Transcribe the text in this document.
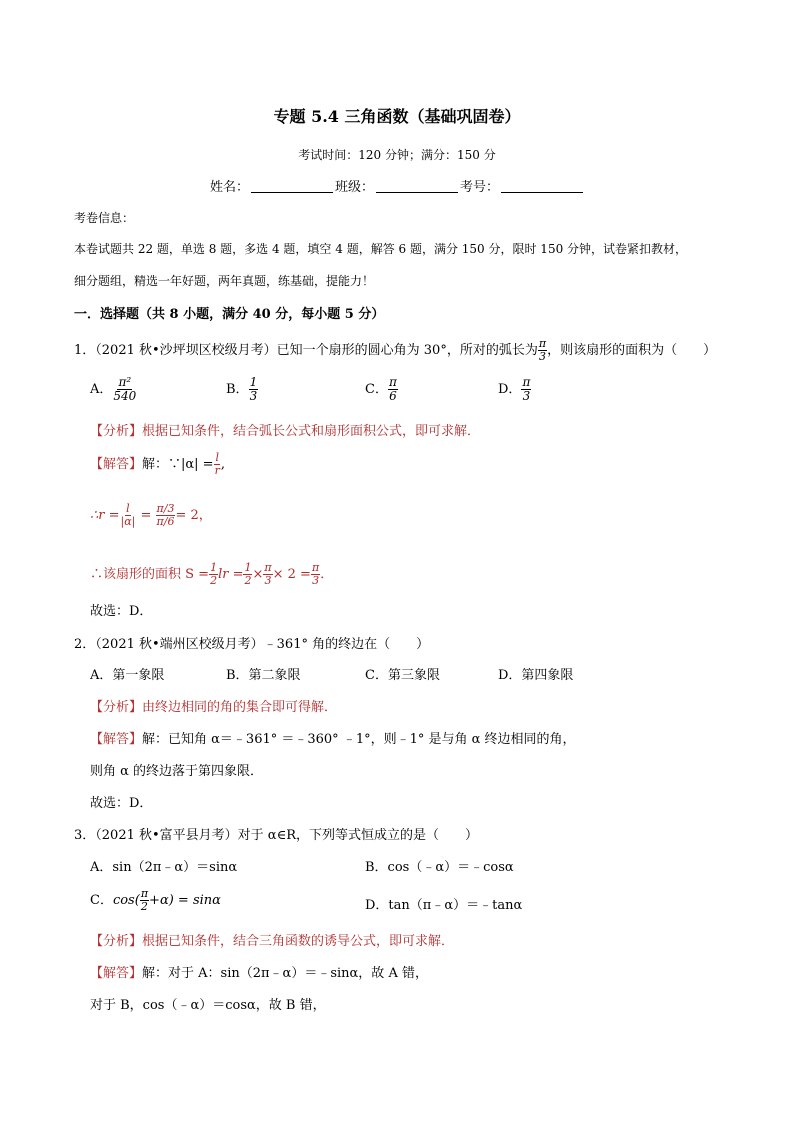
专题 5.4 三角函数（基础巩固卷）
考试时间：120 分钟；满分：150 分
姓名：	班级：	考号：
考卷信息：
本卷试题共 22 题，单选 8 题，多选 4 题，填空 4 题，解答 6 题，满分 150 分，限时 150 分钟，试卷紧扣教材，
细分题组，精选一年好题，两年真题，练基础，提能力！
一．选择题（共 8 小题，满分 40 分，每小题 5 分）
1．（2021 秋•沙坪坝区校级月考）已知一个扇形的圆心角为 30°，所对的弧长为 $\frac{\pi}{3}$ ，则该扇形的面积为（　　）
A． $\frac{\text{π²}}{540}$	B． $\frac{1}{3}$	C． $\frac{\pi}{6}$	D． $\frac{\pi}{3}$
【分析】根据已知条件，结合弧长公式和扇形面积公式，即可求解．
【解答】解：∵|α| = $\frac{l}{r}$ ,
∴r = $\frac{l}{|\alpha|} = \frac{\pi/3}{\pi/6} = 2$，
∴该扇形的面积 $S = \frac{1}{2}$ lr = $\frac{1}{2} \times \frac{\pi}{3} \times 2 = \frac{\pi}{3}$ ．
故选：D．
2．（2021 秋•端州区校级月考）﹣361° 角的终边在（　　）
A．第一象限	B．第二象限	C．第三象限	D．第四象限
【分析】由终边相同的角的集合即可得解．
【解答】解：已知角 α＝﹣361° ＝﹣360° ﹣1°，则﹣1° 是与角 α 终边相同的角，
则角 α 的终边落于第四象限．
故选：D．
3．（2021 秋•富平县月考）对于 α∈R，下列等式恒成立的是（　　）
A．sin（2π﹣α）＝sinα	B．cos（﹣α）＝﹣cosα
C．$\cos( \frac{\pi}{2} +\alpha) = \sin\alpha$	D．tan（π﹣α）＝﹣tanα
【分析】根据已知条件，结合三角函数的诱导公式，即可求解．
【解答】解：对于 A：sin（2π﹣α）＝﹣sinα，故 A 错，
对于 B，cos（﹣α）＝cosα，故 B 错，
